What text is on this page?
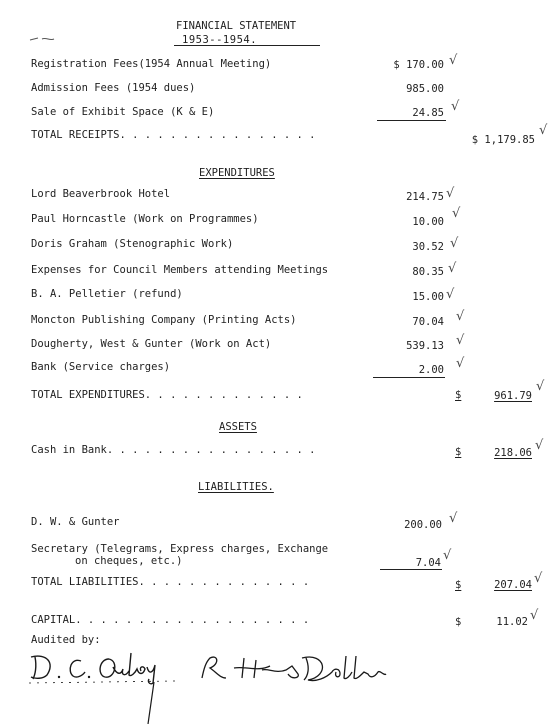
FINANCIAL STATEMENT
1953--1954.
Registration Fees(1954 Annual Meeting)	$ 170.00 √
Admission Fees (1954 dues)	985.00
Sale of Exhibit Space (K & E)	24.85 √
TOTAL RECEIPTS. . . . . . . . . . . . . . . .	$ 1,179.85
√
EXPENDITURES
Lord Beaverbrook Hotel	214.75 √
Paul Horncastle (Work on Programmes)	10.00
√
Doris Graham (Stenographic Work)	30.52 √
Expenses for Council Members attending Meetings	80.35 √
B. A. Pelletier (refund)	15.00 √
Moncton Publishing Company (Printing Acts)	70.04 √
Dougherty, West & Gunter (Work on Act)	539.13 √
Bank (Service charges)	2.00 √
TOTAL EXPENDITURES. . . . . . . . . . . . .	$	961.79
√
ASSETS
Cash in Bank. . . . . . . . . . . . . . . . .	$	218.06 √
LIABILITIES.
D. W. & Gunter	200.00 √
Secretary (Telegrams, Express charges, Exchange
on cheques, etc.)	7.04 √
TOTAL LIABILITIES. . . . . . . . . . . . . .	$	207.04 √
CAPITAL. . . . . . . . . . . . . . . . . . .	$	11.02 √
Audited by:
